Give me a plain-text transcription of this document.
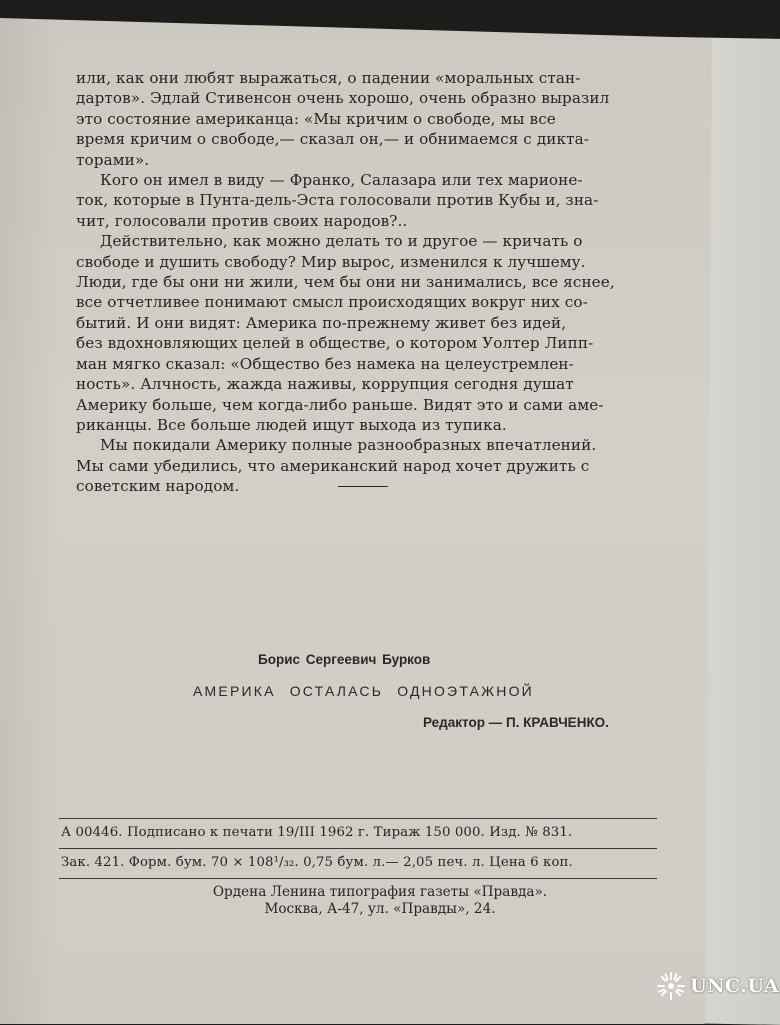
или, как они любят выражаться, о падении «моральных стан-
дартов». Эдлай Стивенсон очень хорошо, очень образно выразил
это состояние американца: «Мы кричим о свободе, мы все
время кричим о свободе,— сказал он,— и обнимаемся с дикта-
торами».

Кого он имел в виду — Франко, Салазара или тех марионе-
ток, которые в Пунта-дель-Эста голосовали против Кубы и, зна-
чит, голосовали против своих народов?..

Действительно, как можно делать то и другое — кричать о
свободе и душить свободу? Мир вырос, изменился к лучшему.
Люди, где бы они ни жили, чем бы они ни занимались, все яснее,
все отчетливее понимают смысл происходящих вокруг них со-
бытий. И они видят: Америка по-прежнему живет без идей,
без вдохновляющих целей в обществе, о котором Уолтер Липп-
ман мягко сказал: «Общество без намека на целеустремлен-
ность». Алчность, жажда наживы, коррупция сегодня душат
Америку больше, чем когда-либо раньше. Видят это и сами аме-
риканцы. Все больше людей ищут выхода из тупика.

Мы покидали Америку полные разнообразных впечатлений.
Мы сами убедились, что американский народ хочет дружить с
советским народом.

Борис Сергеевич Бурков
АМЕРИКА ОСТАЛАСЬ ОДНОЭТАЖНОЙ
Редактор — П. КРАВЧЕНКО.
А 00446. Подписано к печати 19/III 1962 г. Тираж 150 000. Изд. № 831.
Зак. 421. Форм. бум. 70 × 108¹/₃₂. 0,75 бум. л.— 2,05 печ. л. Цена 6 коп.
Ордена Ленина типография газеты «Правда».
Москва, А-47, ул. «Правды», 24.
UNC.UA
